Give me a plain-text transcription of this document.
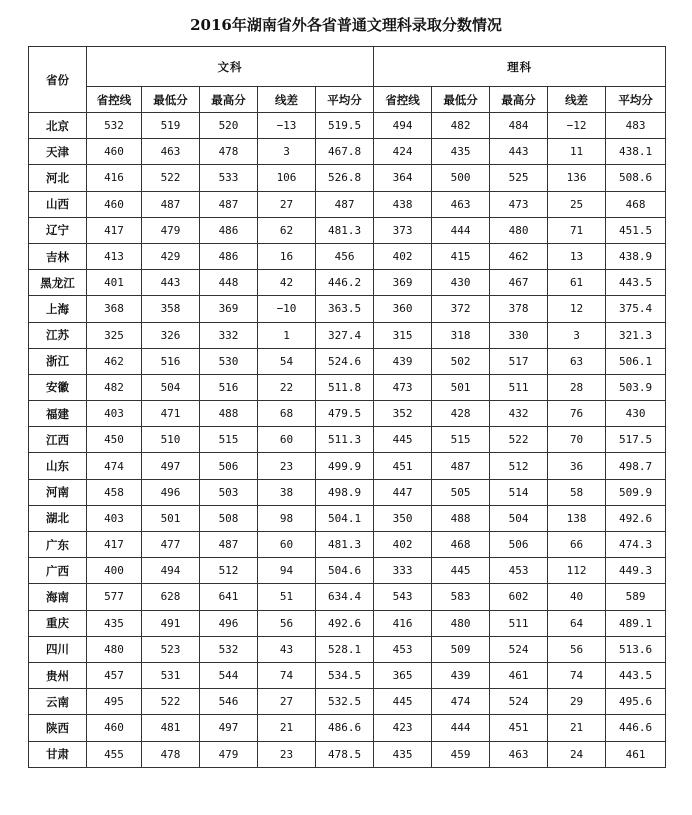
2016年湖南省外各省普通文理科录取分数情况
省份	文科					理科				
	省控线	最低分	最高分	线差	平均分	省控线	最低分	最高分	线差	平均分
北京	532	519	520	−13	519.5	494	482	484	−12	483
天津	460	463	478	3	467.8	424	435	443	11	438.1
河北	416	522	533	106	526.8	364	500	525	136	508.6
山西	460	487	487	27	487	438	463	473	25	468
辽宁	417	479	486	62	481.3	373	444	480	71	451.5
吉林	413	429	486	16	456	402	415	462	13	438.9
黑龙江	401	443	448	42	446.2	369	430	467	61	443.5
上海	368	358	369	−10	363.5	360	372	378	12	375.4
江苏	325	326	332	1	327.4	315	318	330	3	321.3
浙江	462	516	530	54	524.6	439	502	517	63	506.1
安徽	482	504	516	22	511.8	473	501	511	28	503.9
福建	403	471	488	68	479.5	352	428	432	76	430
江西	450	510	515	60	511.3	445	515	522	70	517.5
山东	474	497	506	23	499.9	451	487	512	36	498.7
河南	458	496	503	38	498.9	447	505	514	58	509.9
湖北	403	501	508	98	504.1	350	488	504	138	492.6
广东	417	477	487	60	481.3	402	468	506	66	474.3
广西	400	494	512	94	504.6	333	445	453	112	449.3
海南	577	628	641	51	634.4	543	583	602	40	589
重庆	435	491	496	56	492.6	416	480	511	64	489.1
四川	480	523	532	43	528.1	453	509	524	56	513.6
贵州	457	531	544	74	534.5	365	439	461	74	443.5
云南	495	522	546	27	532.5	445	474	524	29	495.6
陕西	460	481	497	21	486.6	423	444	451	21	446.6
甘肃	455	478	479	23	478.5	435	459	463	24	461
